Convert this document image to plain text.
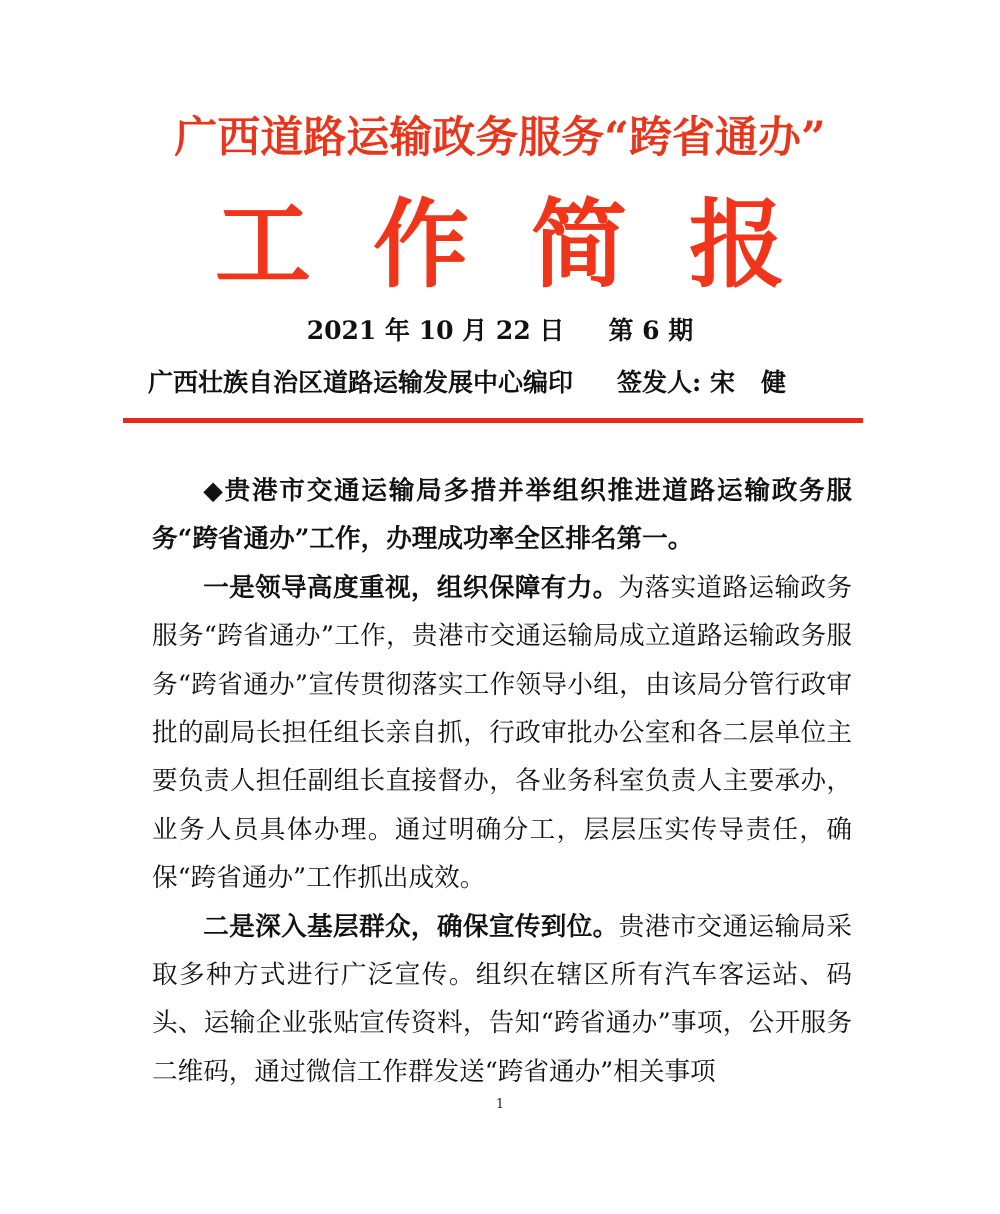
广西道路运输政务服务“跨省通办”
工作简报
2021 年 10 月 22 日 第 6 期
广西壮族自治区道路运输发展中心编印 签发人: 宋健

◆贵港市交通运输局多措并举组织推进道路运输政务服务“跨省通办”工作，办理成功率全区排名第一。

一是领导高度重视，组织保障有力。为落实道路运输政务服务“跨省通办”工作，贵港市交通运输局成立道路运输政务服务“跨省通办”宣传贯彻落实工作领导小组，由该局分管行政审批的副局长担任组长亲自抓，行政审批办公室和各二层单位主要负责人担任副组长直接督办，各业务科室负责人主要承办，业务人员具体办理。通过明确分工，层层压实传导责任，确保“跨省通办”工作抓出成效。

二是深入基层群众，确保宣传到位。贵港市交通运输局采取多种方式进行广泛宣传。组织在辖区所有汽车客运站、码头、运输企业张贴宣传资料，告知“跨省通办”事项，公开服务二维码，通过微信工作群发送“跨省通办”相关事项

1
